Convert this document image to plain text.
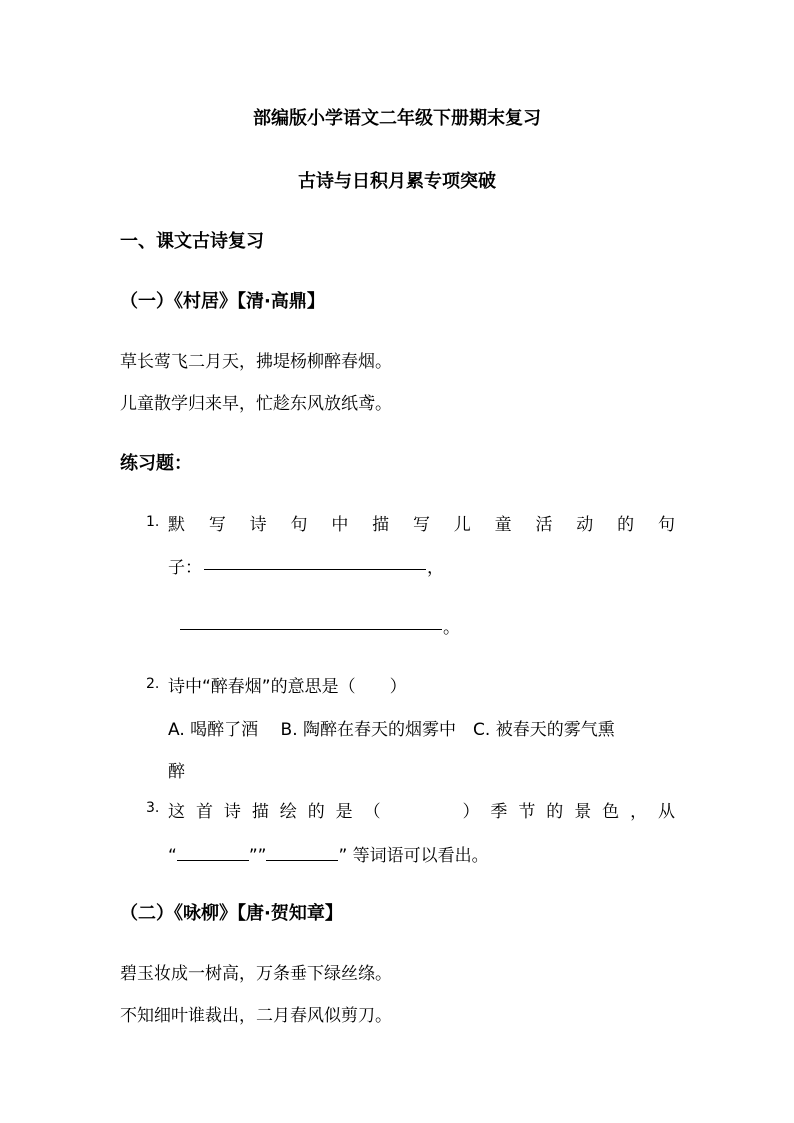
部编版小学语文二年级下册期末复习
古诗与日积月累专项突破
一、课文古诗复习
（一）《村居》【清·高鼎】
草长莺飞二月天，拂堤杨柳醉春烟。
儿童散学归来早，忙趁东风放纸鸢。
练习题：
1. 默 写 诗 句 中 描 写 儿 童 活 动 的 句
子：	，
。
2. 诗中“醉春烟”的意思是（　　）
A. 喝醉了酒　 B. 陶醉在春天的烟雾中　C. 被春天的雾气熏
醉
3. 这 首 诗 描 绘 的 是 （	） 季 节 的 景 色 ， 从
“	””	” 等词语可以看出。
（二）《咏柳》【唐·贺知章】
碧玉妆成一树高，万条垂下绿丝绦。
不知细叶谁裁出，二月春风似剪刀。
